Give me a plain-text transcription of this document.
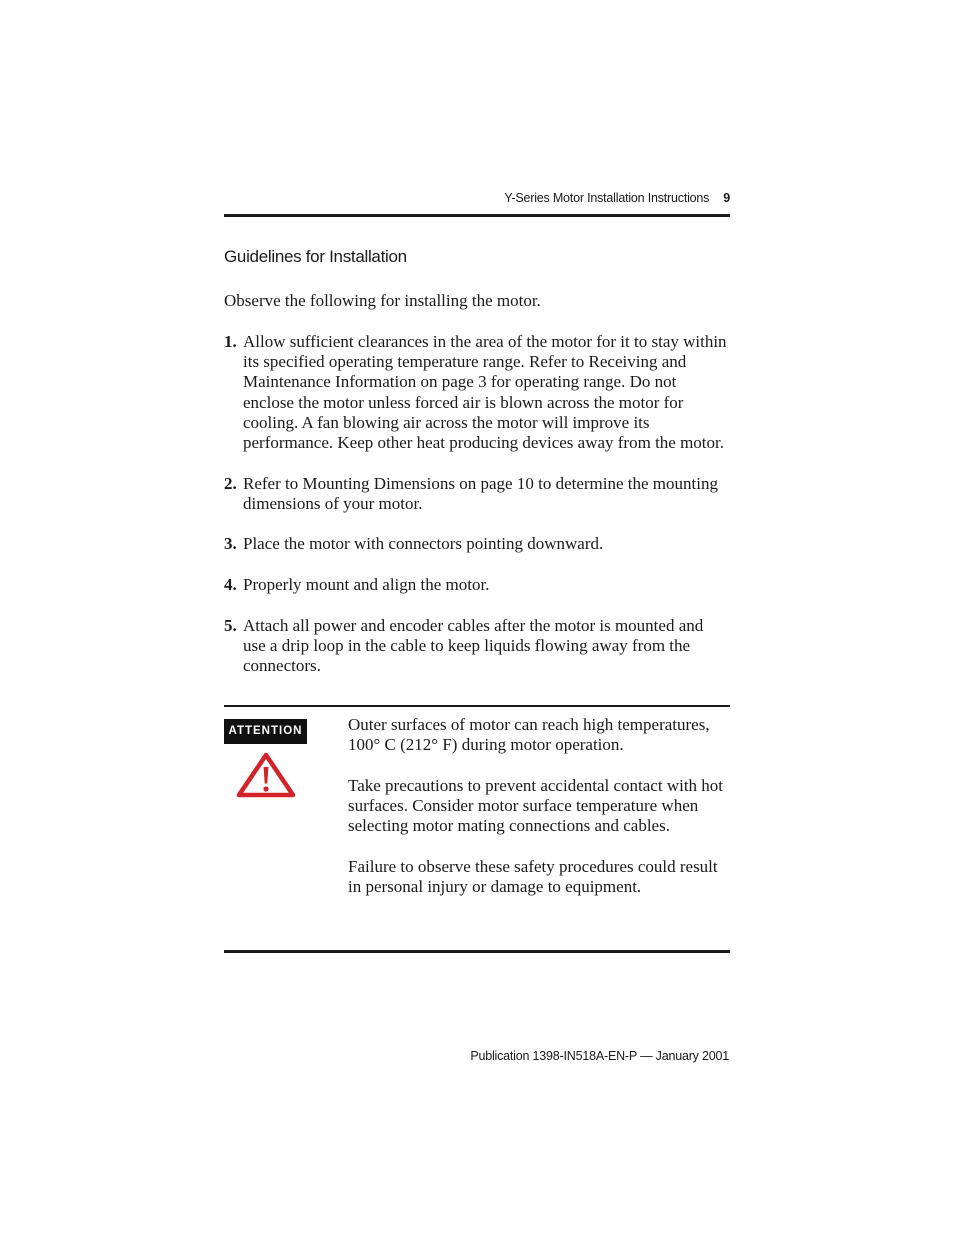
Y-Series Motor Installation Instructions 9
Guidelines for Installation

Observe the following for installing the motor.

1. Allow sufficient clearances in the area of the motor for it to stay within its specified operating temperature range. Refer to Receiving and Maintenance Information on page 3 for operating range. Do not enclose the motor unless forced air is blown across the motor for cooling. A fan blowing air across the motor will improve its performance. Keep other heat producing devices away from the motor.
2. Refer to Mounting Dimensions on page 10 to determine the mounting dimensions of your motor.
3. Place the motor with connectors pointing downward.
4. Properly mount and align the motor.
5. Attach all power and encoder cables after the motor is mounted and use a drip loop in the cable to keep liquids flowing away from the connectors.
ATTENTION	Outer surfaces of motor can reach high temperatures, 100° C (212° F) during motor operation.

Take precautions to prevent accidental contact with hot surfaces. Consider motor surface temperature when selecting motor mating connections and cables.

Failure to observe these safety procedures could result in personal injury or damage to equipment.

Publication 1398-IN518A-EN-P — January 2001
